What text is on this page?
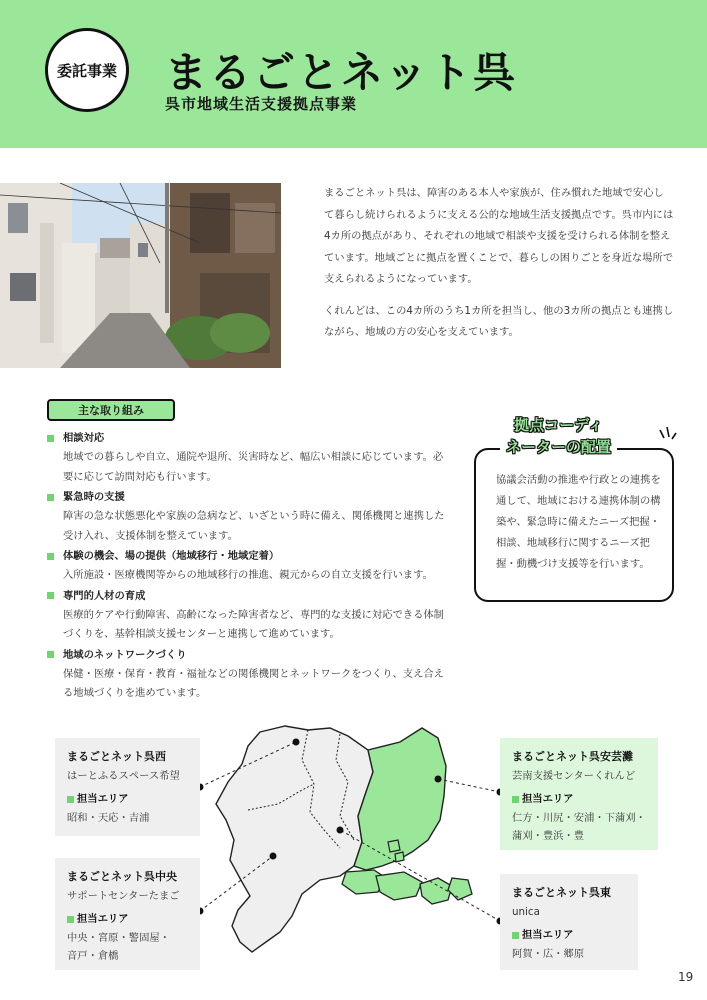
委託事業 まるごとネット呉
呉市地域生活支援拠点事業

まるごとネット呉は、障害のある本人や家族が、住み慣れた地域で安心して暮らし続けられるように支える公的な地域生活支援拠点です。呉市内には4カ所の拠点があり、それぞれの地域で相談や支援を受けられる体制を整えています。地域ごとに拠点を置くことで、暮らしの困りごとを身近な場所で支えられるようになっています。

くれんどは、この4カ所のうち1カ所を担当し、他の3カ所の拠点とも連携しながら、地域の方の安心を支えています。

主な取り組み
相談対応
地域での暮らしや自立、通院や退所、災害時など、幅広い相談に応じています。必要に応じて訪問対応も行います。
緊急時の支援
障害の急な状態悪化や家族の急病など、いざという時に備え、関係機関と連携した受け入れ、支援体制を整えています。
体験の機会、場の提供（地域移行・地域定着）
入所施設・医療機関等からの地域移行の推進、親元からの自立支援を行います。
専門的人材の育成
医療的ケアや行動障害、高齢になった障害者など、専門的な支援に対応できる体制づくりを、基幹相談支援センターと連携して進めています。
地域のネットワークづくり
保健・医療・保育・教育・福祉などの関係機関とネットワークをつくり、支え合える地域づくりを進めています。
協議会活動の推進や行政との連携を通して、地域における連携体制の構築や、緊急時に備えたニーズ把握・相談、地域移行に関するニーズ把握・動機づけ支援等を行います。
拠点コーディ
ネーターの配置
まるごとネット呉西
はーとふるスペース希望
担当エリア
昭和・天応・吉浦
まるごとネット呉中央
サポートセンターたまご
担当エリア
中央・宮原・警固屋・
音戸・倉橋
まるごとネット呉安芸灘
芸南支援センターくれんど
担当エリア
仁方・川尻・安浦・下蒲刈・
蒲刈・豊浜・豊
まるごとネット呉東
unica
担当エリア
阿賀・広・郷原
19
